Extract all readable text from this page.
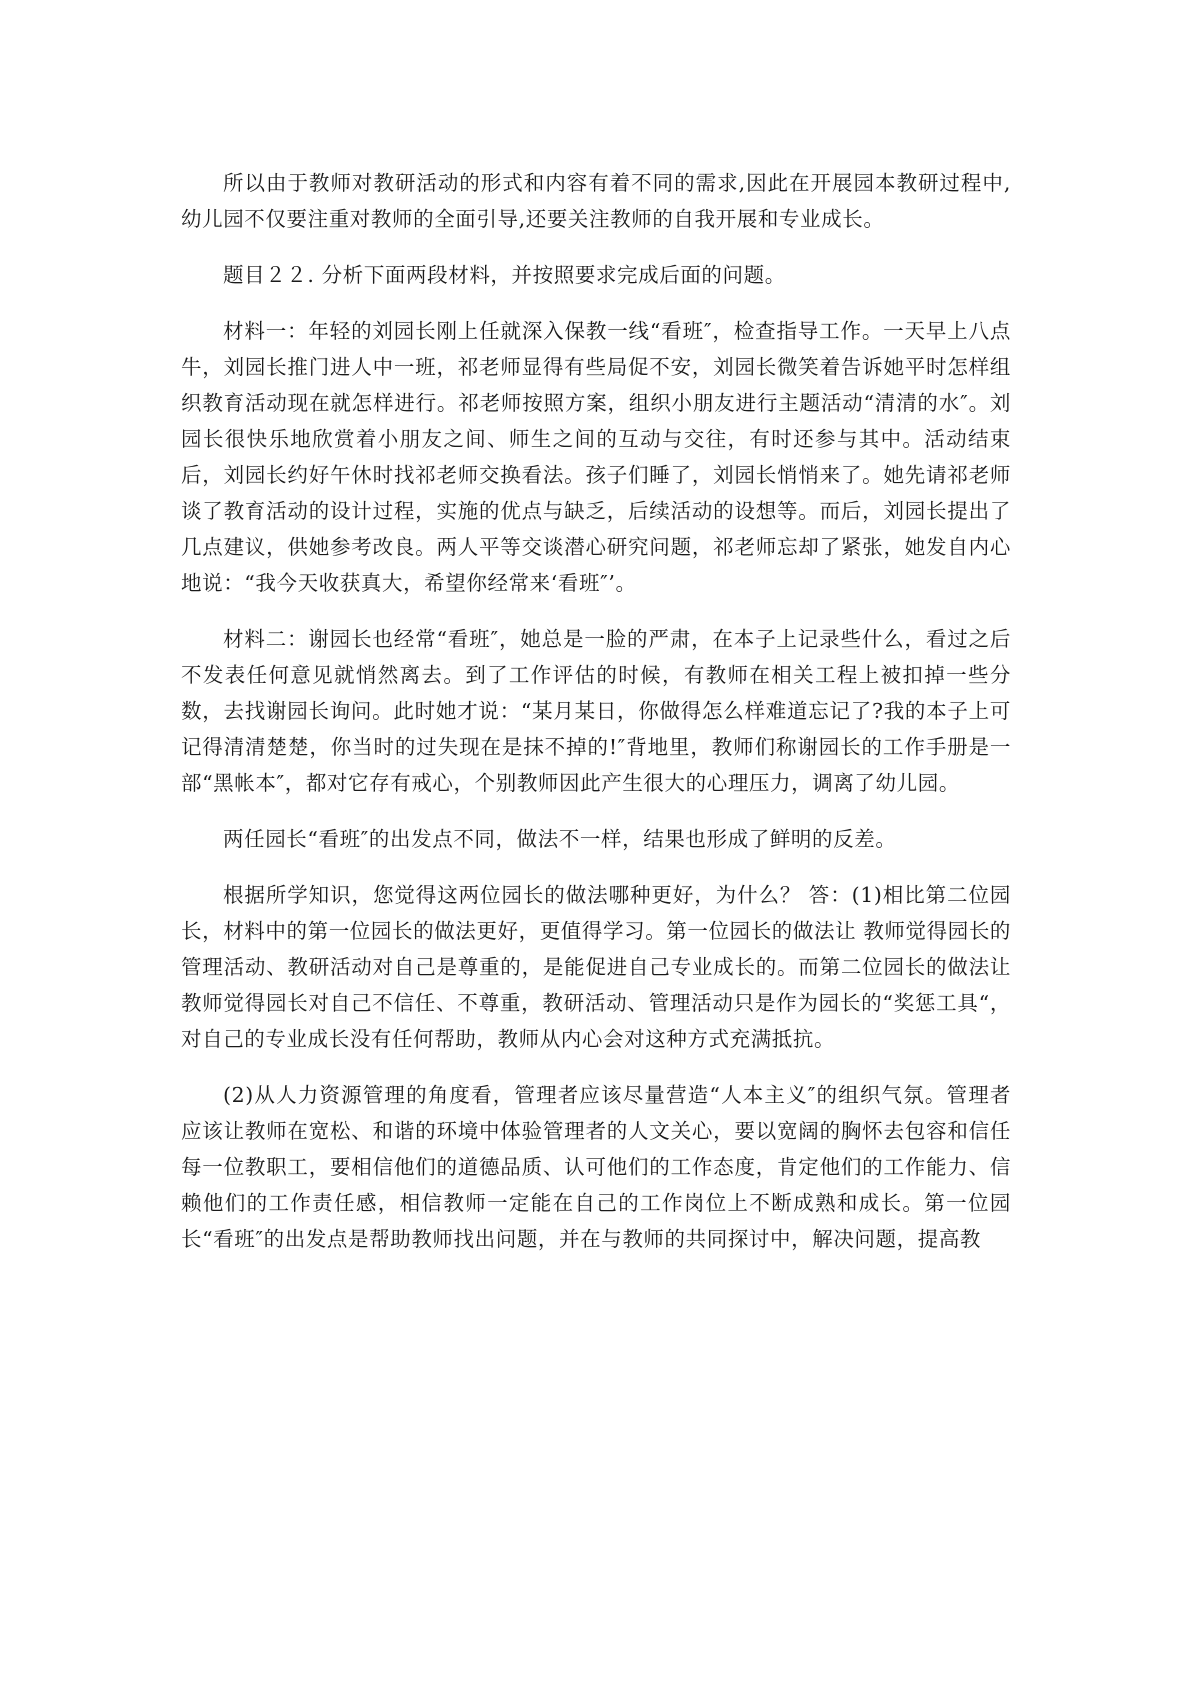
所以由于教师对教研活动的形式和内容有着不同的需求,因此在开展园本教研过程中,幼儿园不仅要注重对教师的全面引导,还要关注教师的自我开展和专业成长。

题目２２. 分析下面两段材料，并按照要求完成后面的问题。

材料一：年轻的刘园长刚上任就深入保教一线“看班″，检查指导工作。一天早上八点牛，刘园长推门进人中一班，祁老师显得有些局促不安，刘园长微笑着告诉她平时怎样组织教育活动现在就怎样进行。祁老师按照方案，组织小朋友进行主题活动“清清的水″。刘园长很快乐地欣赏着小朋友之间、师生之间的互动与交往，有时还参与其中。活动结束后，刘园长约好午休时找祁老师交换看法。孩子们睡了，刘园长悄悄来了。她先请祁老师谈了教育活动的设计过程，实施的优点与缺乏，后续活动的设想等。而后，刘园长提出了几点建议，供她参考改良。两人平等交谈潜心研究问题，祁老师忘却了紧张，她发自内心地说：“我今天收获真大，希望你经常来‘看班″’。

材料二：谢园长也经常“看班″，她总是一脸的严肃，在本子上记录些什么，看过之后不发表任何意见就悄然离去。到了工作评估的时候，有教师在相关工程上被扣掉一些分数，去找谢园长询问。此时她才说：“某月某日，你做得怎么样难道忘记了?我的本子上可记得清清楚楚，你当时的过失现在是抹不掉的!″背地里，教师们称谢园长的工作手册是一部“黑帐本″，都对它存有戒心，个别教师因此产生很大的心理压力，调离了幼儿园。

两任园长“看班″的出发点不同，做法不一样，结果也形成了鲜明的反差。

根据所学知识，您觉得这两位园长的做法哪种更好，为什么？ 答：(1)相比第二位园长，材料中的第一位园长的做法更好，更值得学习。第一位园长的做法让 教师觉得园长的管理活动、教研活动对自己是尊重的，是能促进自己专业成长的。而第二位园长的做法让教师觉得园长对自己不信任、不尊重，教研活动、管理活动只是作为园长的“奖惩工具“，对自己的专业成长没有任何帮助，教师从内心会对这种方式充满抵抗。

(2)从人力资源管理的角度看，管理者应该尽量营造“人本主义″的组织气氛。管理者应该让教师在宽松、和谐的环境中体验管理者的人文关心，要以宽阔的胸怀去包容和信任每一位教职工，要相信他们的道德品质、认可他们的工作态度，肯定他们的工作能力、信赖他们的工作责任感，相信教师一定能在自己的工作岗位上不断成熟和成长。第一位园长“看班″的出发点是帮助教师找出问题，并在与教师的共同探讨中，解决问题，提高教
